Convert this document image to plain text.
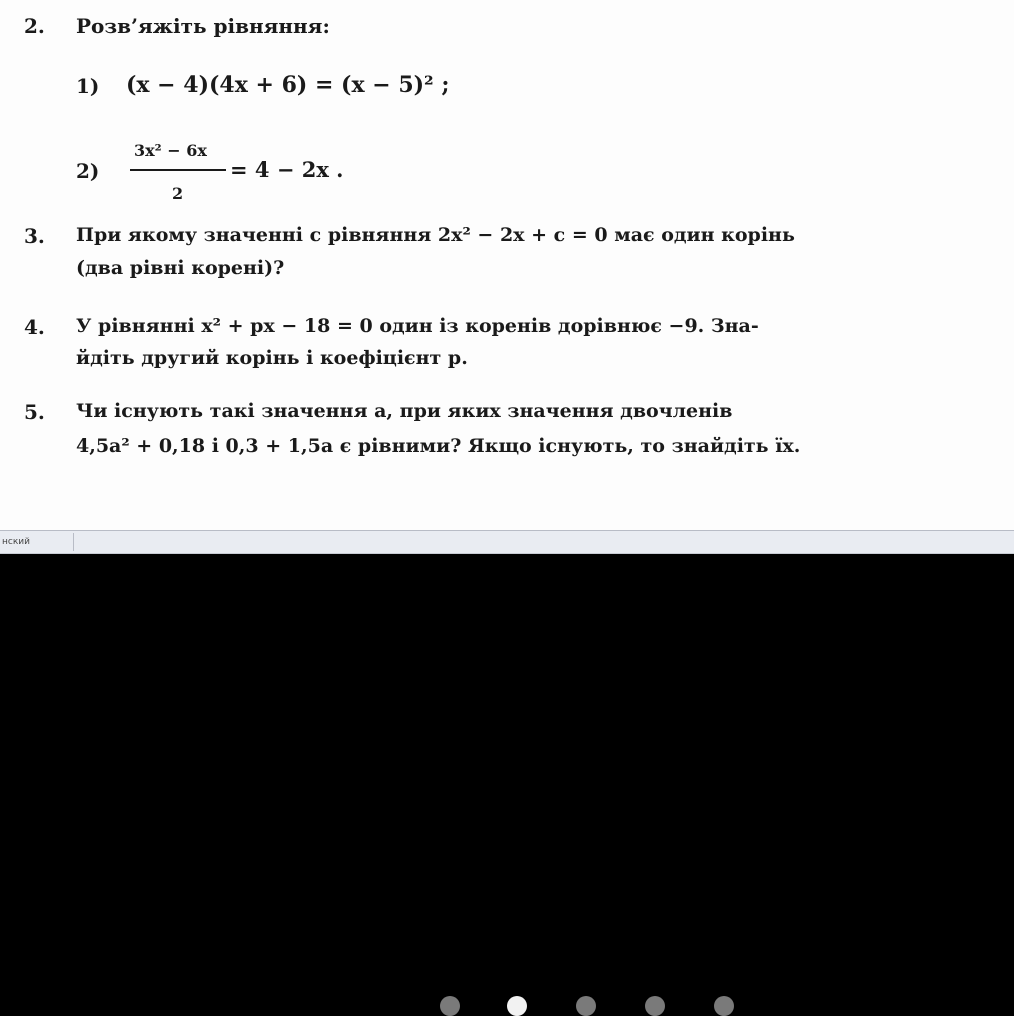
2. Розв’яжіть рівняння:
1) (x − 4)(4x + 6) = (x − 5)² ;
2)
3x² − 6x
2
= 4 − 2x .
3. При якому значенні c рівняння 2x² − 2x + c = 0 має один корінь
(два рівні корені)?
4. У рівнянні x² + px − 18 = 0 один із коренів дорівнює −9. Зна-
йдіть другий корінь і коефіцієнт p.
5. Чи існують такі значення a, при яких значення двочленів
4,5a² + 0,18 і 0,3 + 1,5a є рівними? Якщо існують, то знайдіть їх.
нский
